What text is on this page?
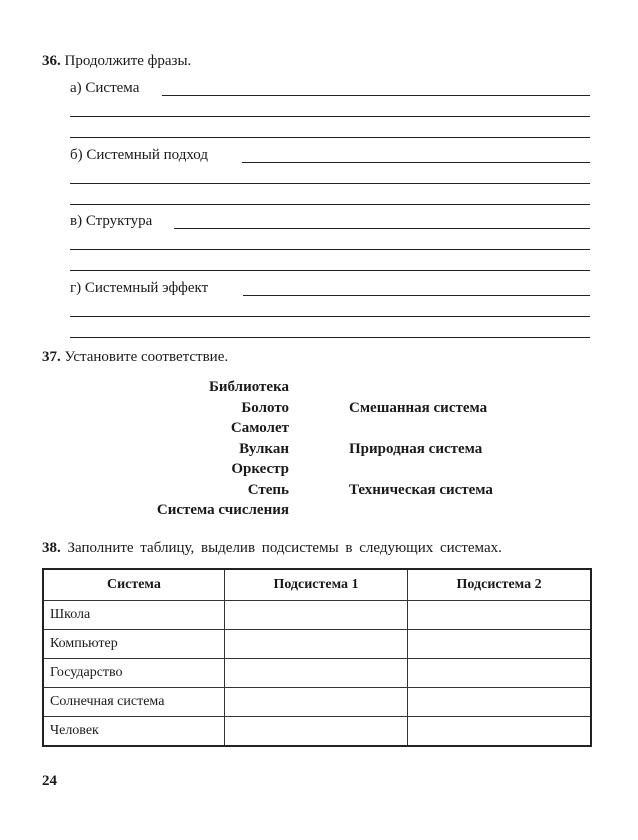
36. Продолжите фразы.
а) Система
б) Системный подход
в) Структура
г) Системный эффект
37. Установите соответствие.
Библиотека
Болото
Самолет
Вулкан
Оркестр
Степь
Система счисления
Смешанная система
Природная система
Техническая система
38. Заполните таблицу, выделив подсистемы в следующих системах.
Система	Подсистема 1	Подсистема 2
Школа		
Компьютер		
Государство		
Солнечная система		
Человек		
24
